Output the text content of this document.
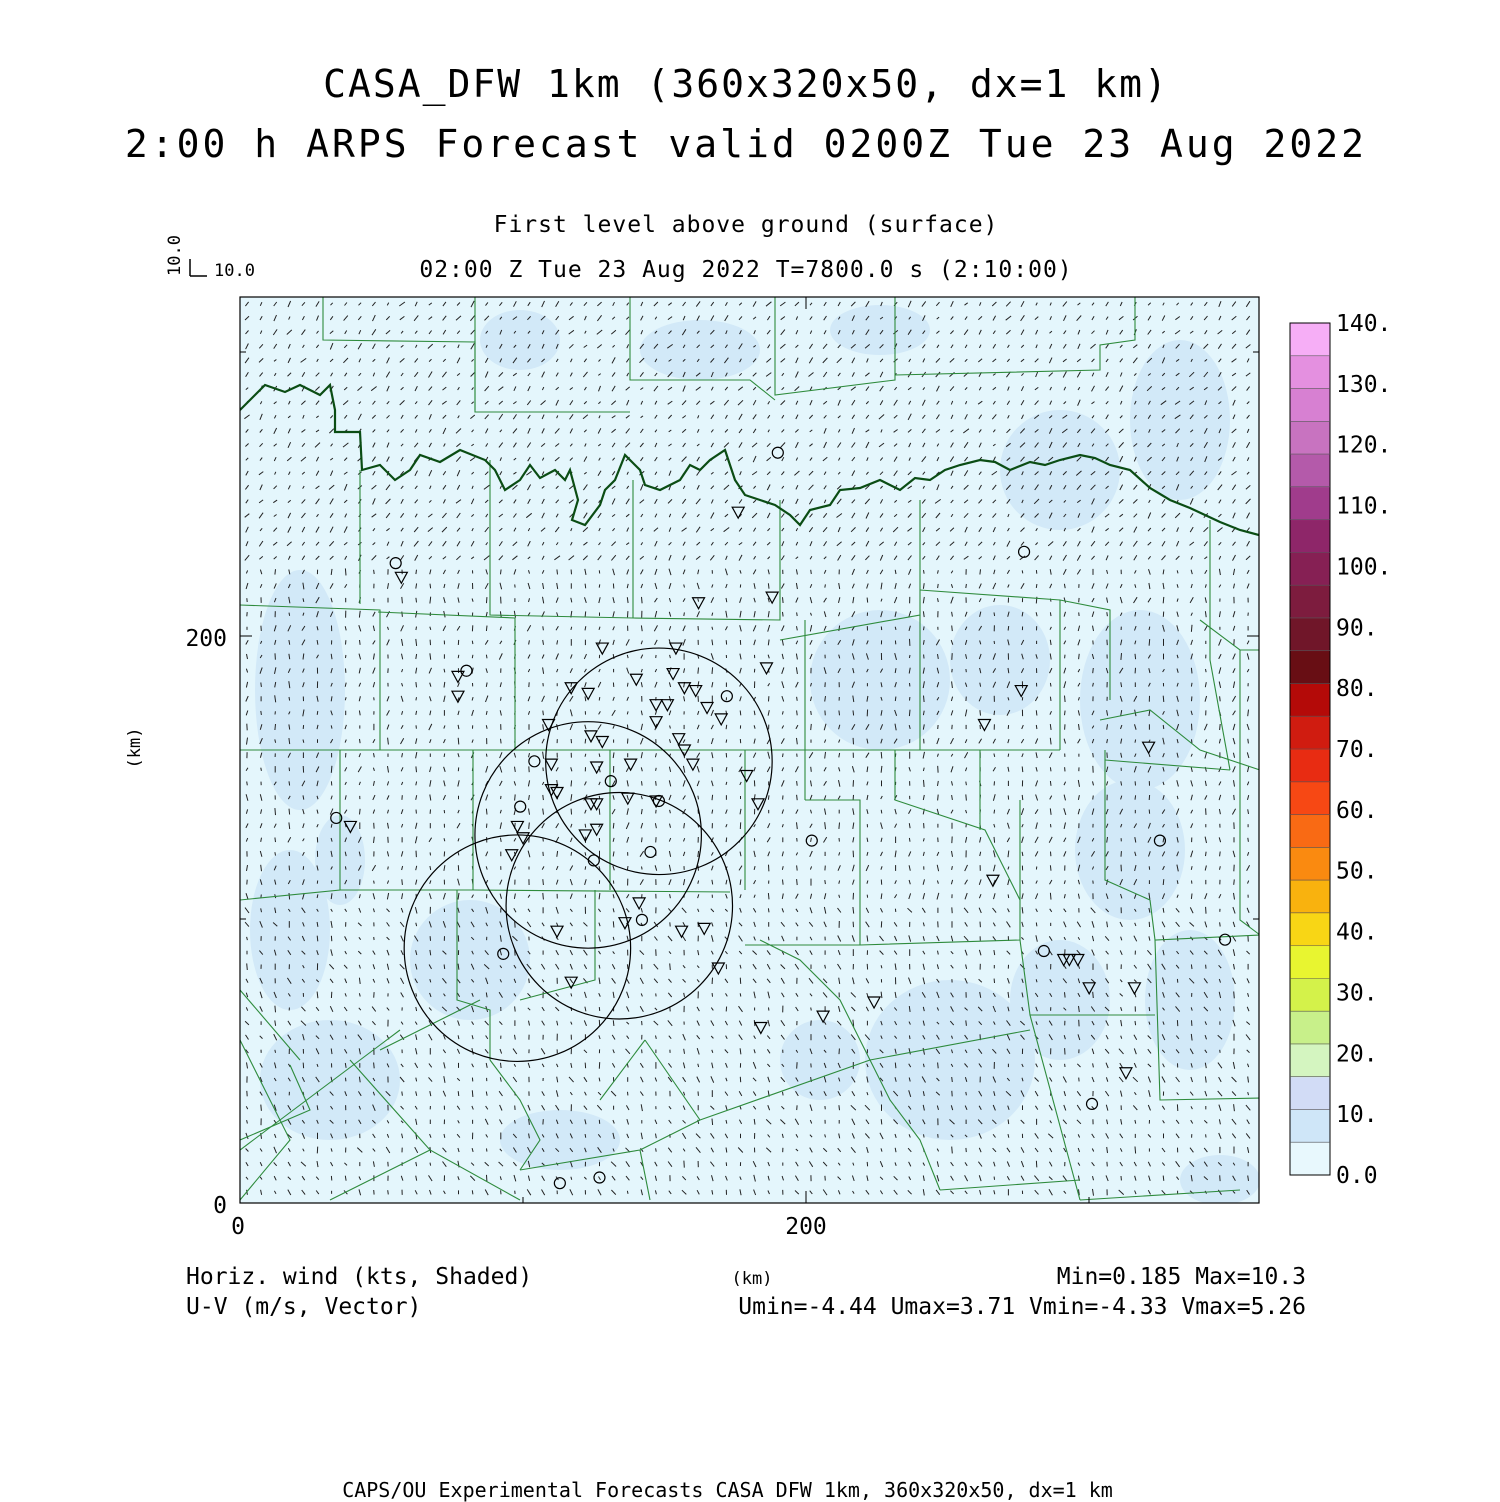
CASA_DFW 1km (360x320x50, dx=1 km)
2:00 h ARPS Forecast valid 0200Z Tue 23 Aug 2022
First level above ground (surface)
02:00 Z Tue 23 Aug 2022 T=7800.0 s (2:10:00)
10.0
10.0
0
200
0	200
(km)
(km)
0.0
10.
20.
30.
40.
50.
60.
70.
80.
90.
100.
110.
120.
130.
140.
Horiz. wind (kts, Shaded)
U-V (m/s, Vector)
Min=0.185 Max=10.3
Umin=-4.44 Umax=3.71 Vmin=-4.33 Vmax=5.26
CAPS/OU Experimental Forecasts CASA DFW 1km, 360x320x50, dx=1 km
